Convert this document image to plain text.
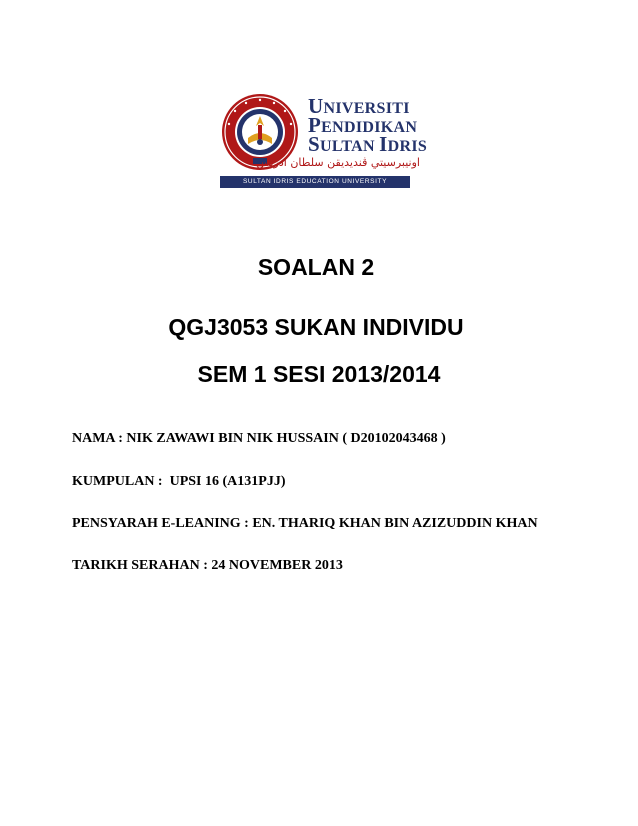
UNIVERSITI
PENDIDIKAN
SULTAN IDRIS
اونيبرسيتي ڤنديديقن سلطان ادريس
SULTAN IDRIS EDUCATION UNIVERSITY
SOALAN 2
QGJ3053 SUKAN INDIVIDU
SEM 1 SESI 2013/2014
NAMA : NIK ZAWAWI BIN NIK HUSSAIN ( D20102043468 )
KUMPULAN :  UPSI 16 (A131PJJ)
PENSYARAH E-LEANING : EN. THARIQ KHAN BIN AZIZUDDIN KHAN
TARIKH SERAHAN : 24 NOVEMBER 2013
